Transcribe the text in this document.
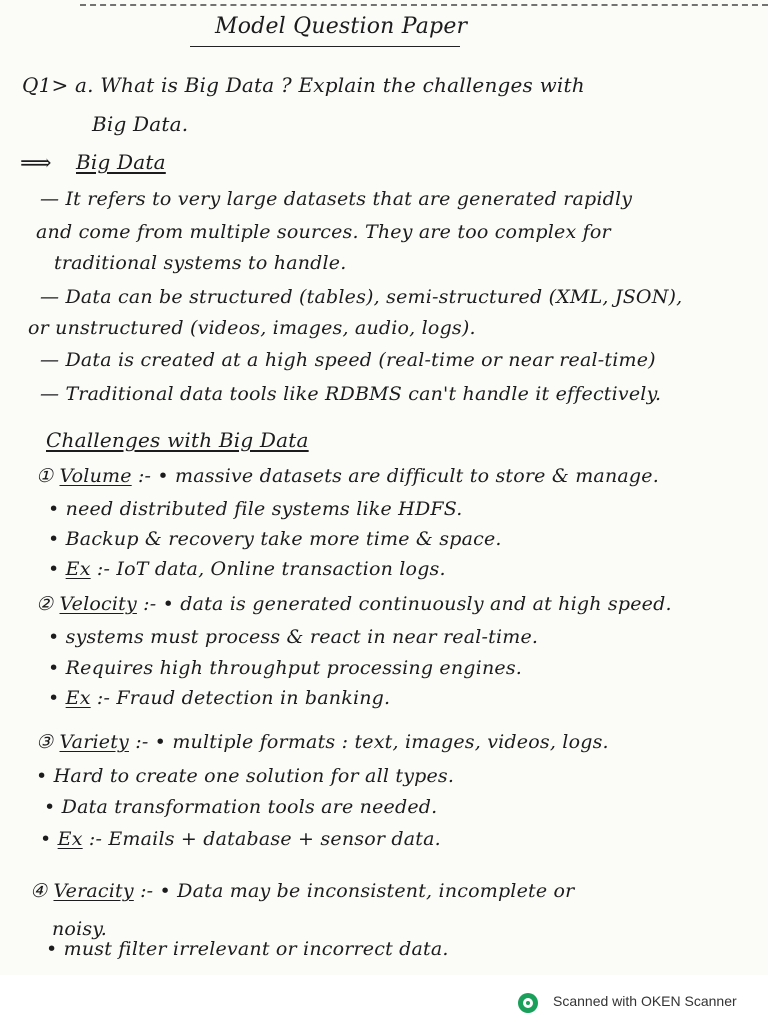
Model Question Paper
Q1> a. What is Big Data ? Explain the challenges with
Big Data.
⟹ Big Data
— It refers to very large datasets that are generated rapidly
and come from multiple sources. They are too complex for
traditional systems to handle.
— Data can be structured (tables), semi-structured (XML, JSON),
or unstructured (videos, images, audio, logs).
— Data is created at a high speed (real-time or near real-time)
— Traditional data tools like RDBMS can't handle it effectively.
Challenges with Big Data
① Volume :- • massive datasets are difficult to store & manage.
• need distributed file systems like HDFS.
• Backup & recovery take more time & space.
• Ex :- IoT data, Online transaction logs.
② Velocity :- • data is generated continuously and at high speed.
• systems must process & react in near real-time.
• Requires high throughput processing engines.
• Ex :- Fraud detection in banking.
③ Variety :- • multiple formats : text, images, videos, logs.
• Hard to create one solution for all types.
• Data transformation tools are needed.
• Ex :- Emails + database + sensor data.
④ Veracity :- • Data may be inconsistent, incomplete or
noisy.
• must filter irrelevant or incorrect data.
Scanned with OKEN Scanner
